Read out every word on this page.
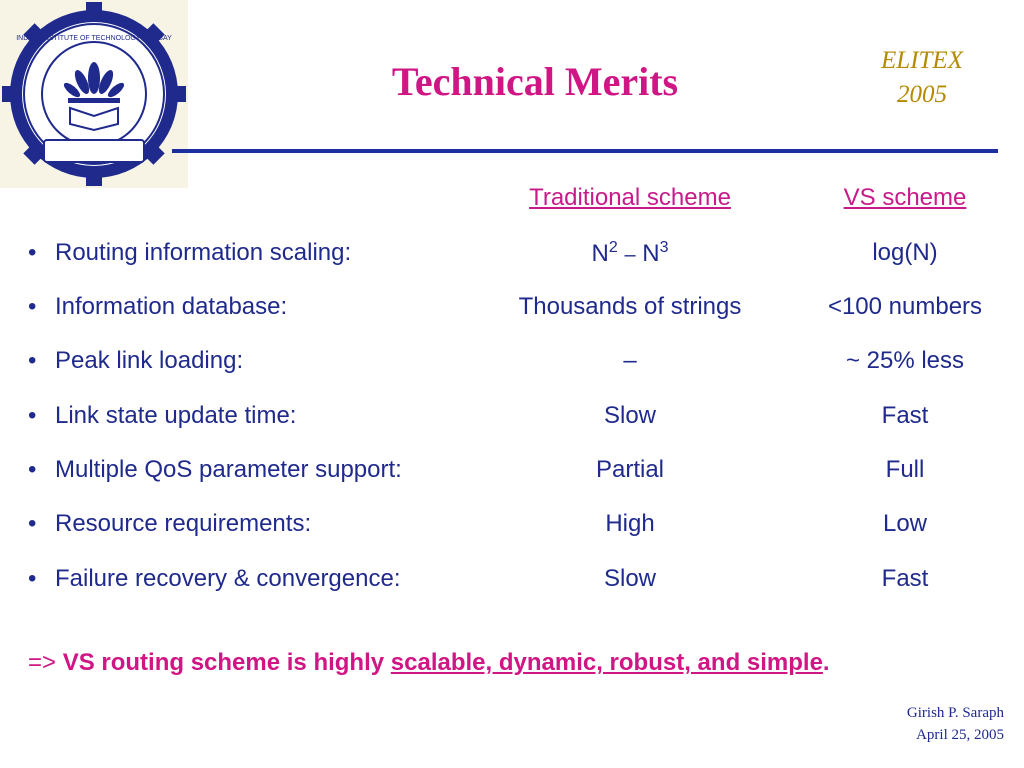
INDIAN INSTITUTE OF TECHNOLOGY BOMBAY
Technical Merits	ELITEX
2005
Traditional scheme	VS scheme
• Routing information scaling:	$N^2 - N^3$	log(N)
• Information database:	Thousands of strings	<100 numbers
• Peak link loading:	–	~ 25% less
• Link state update time:	Slow	Fast
• Multiple QoS parameter support:	Partial	Full
• Resource requirements:	High	Low
• Failure recovery & convergence:	Slow	Fast
=> VS routing scheme is highly scalable, dynamic, robust, and simple.
Girish P. Saraph
April 25, 2005
